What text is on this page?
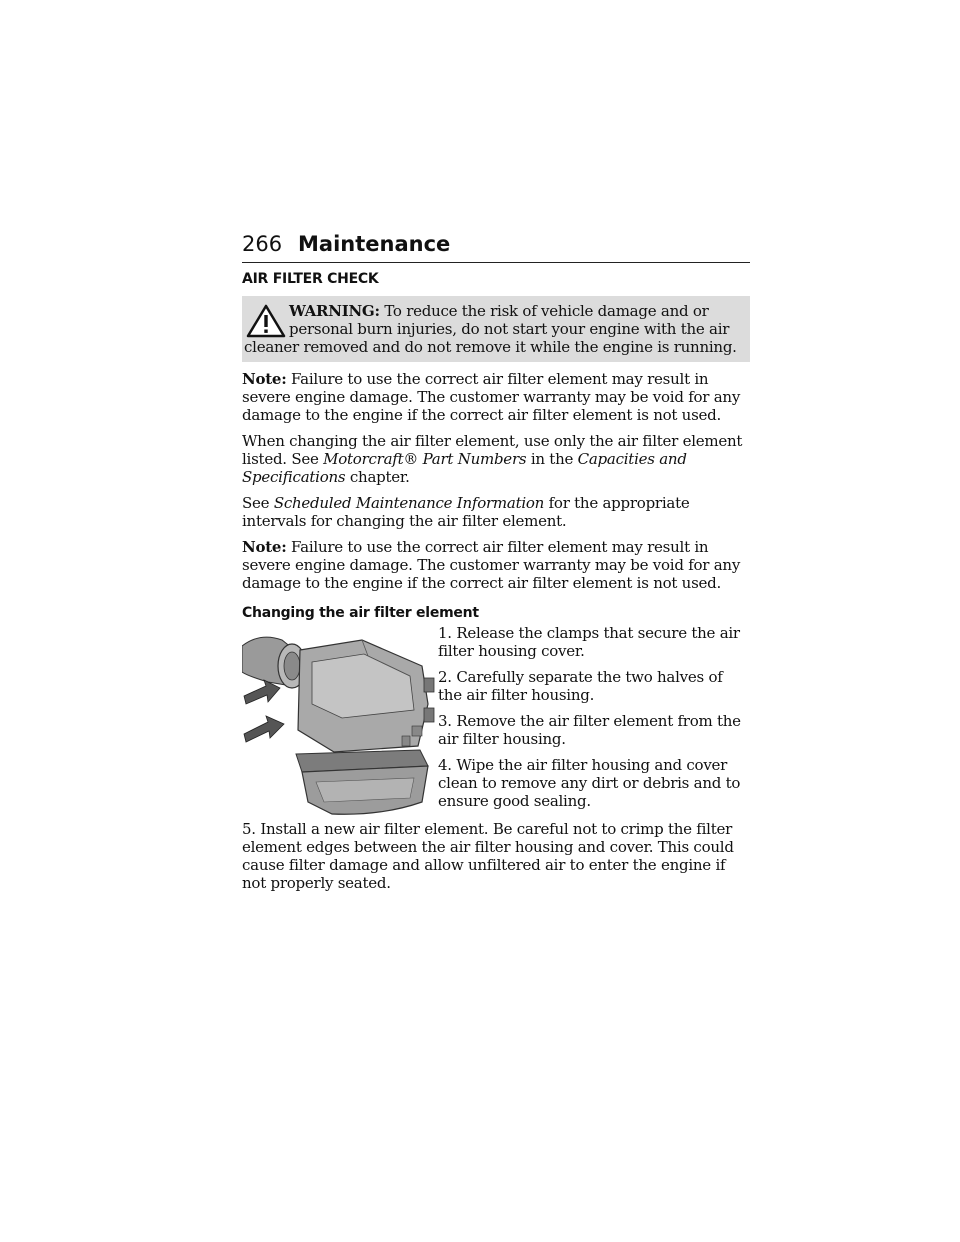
266 Maintenance
AIR FILTER CHECK

WARNING: To reduce the risk of vehicle damage and or

personal burn injuries, do not start your engine with the air

cleaner removed and do not remove it while the engine is running.

Note: Failure to use the correct air filter element may result in severe engine damage. The customer warranty may be void for any damage to the engine if the correct air filter element is not used.

When changing the air filter element, use only the air filter element listed. See Motorcraft® Part Numbers in the Capacities and Specifications chapter.

See Scheduled Maintenance Information for the appropriate intervals for changing the air filter element.

Note: Failure to use the correct air filter element may result in severe engine damage. The customer warranty may be void for any damage to the engine if the correct air filter element is not used.

Changing the air filter element

1. Release the clamps that secure the air filter housing cover.

2. Carefully separate the two halves of the air filter housing.

3. Remove the air filter element from the air filter housing.

4. Wipe the air filter housing and cover clean to remove any dirt or debris and to ensure good sealing.

5. Install a new air filter element. Be careful not to crimp the filter element edges between the air filter housing and cover. This could cause filter damage and allow unfiltered air to enter the engine if not properly seated.
